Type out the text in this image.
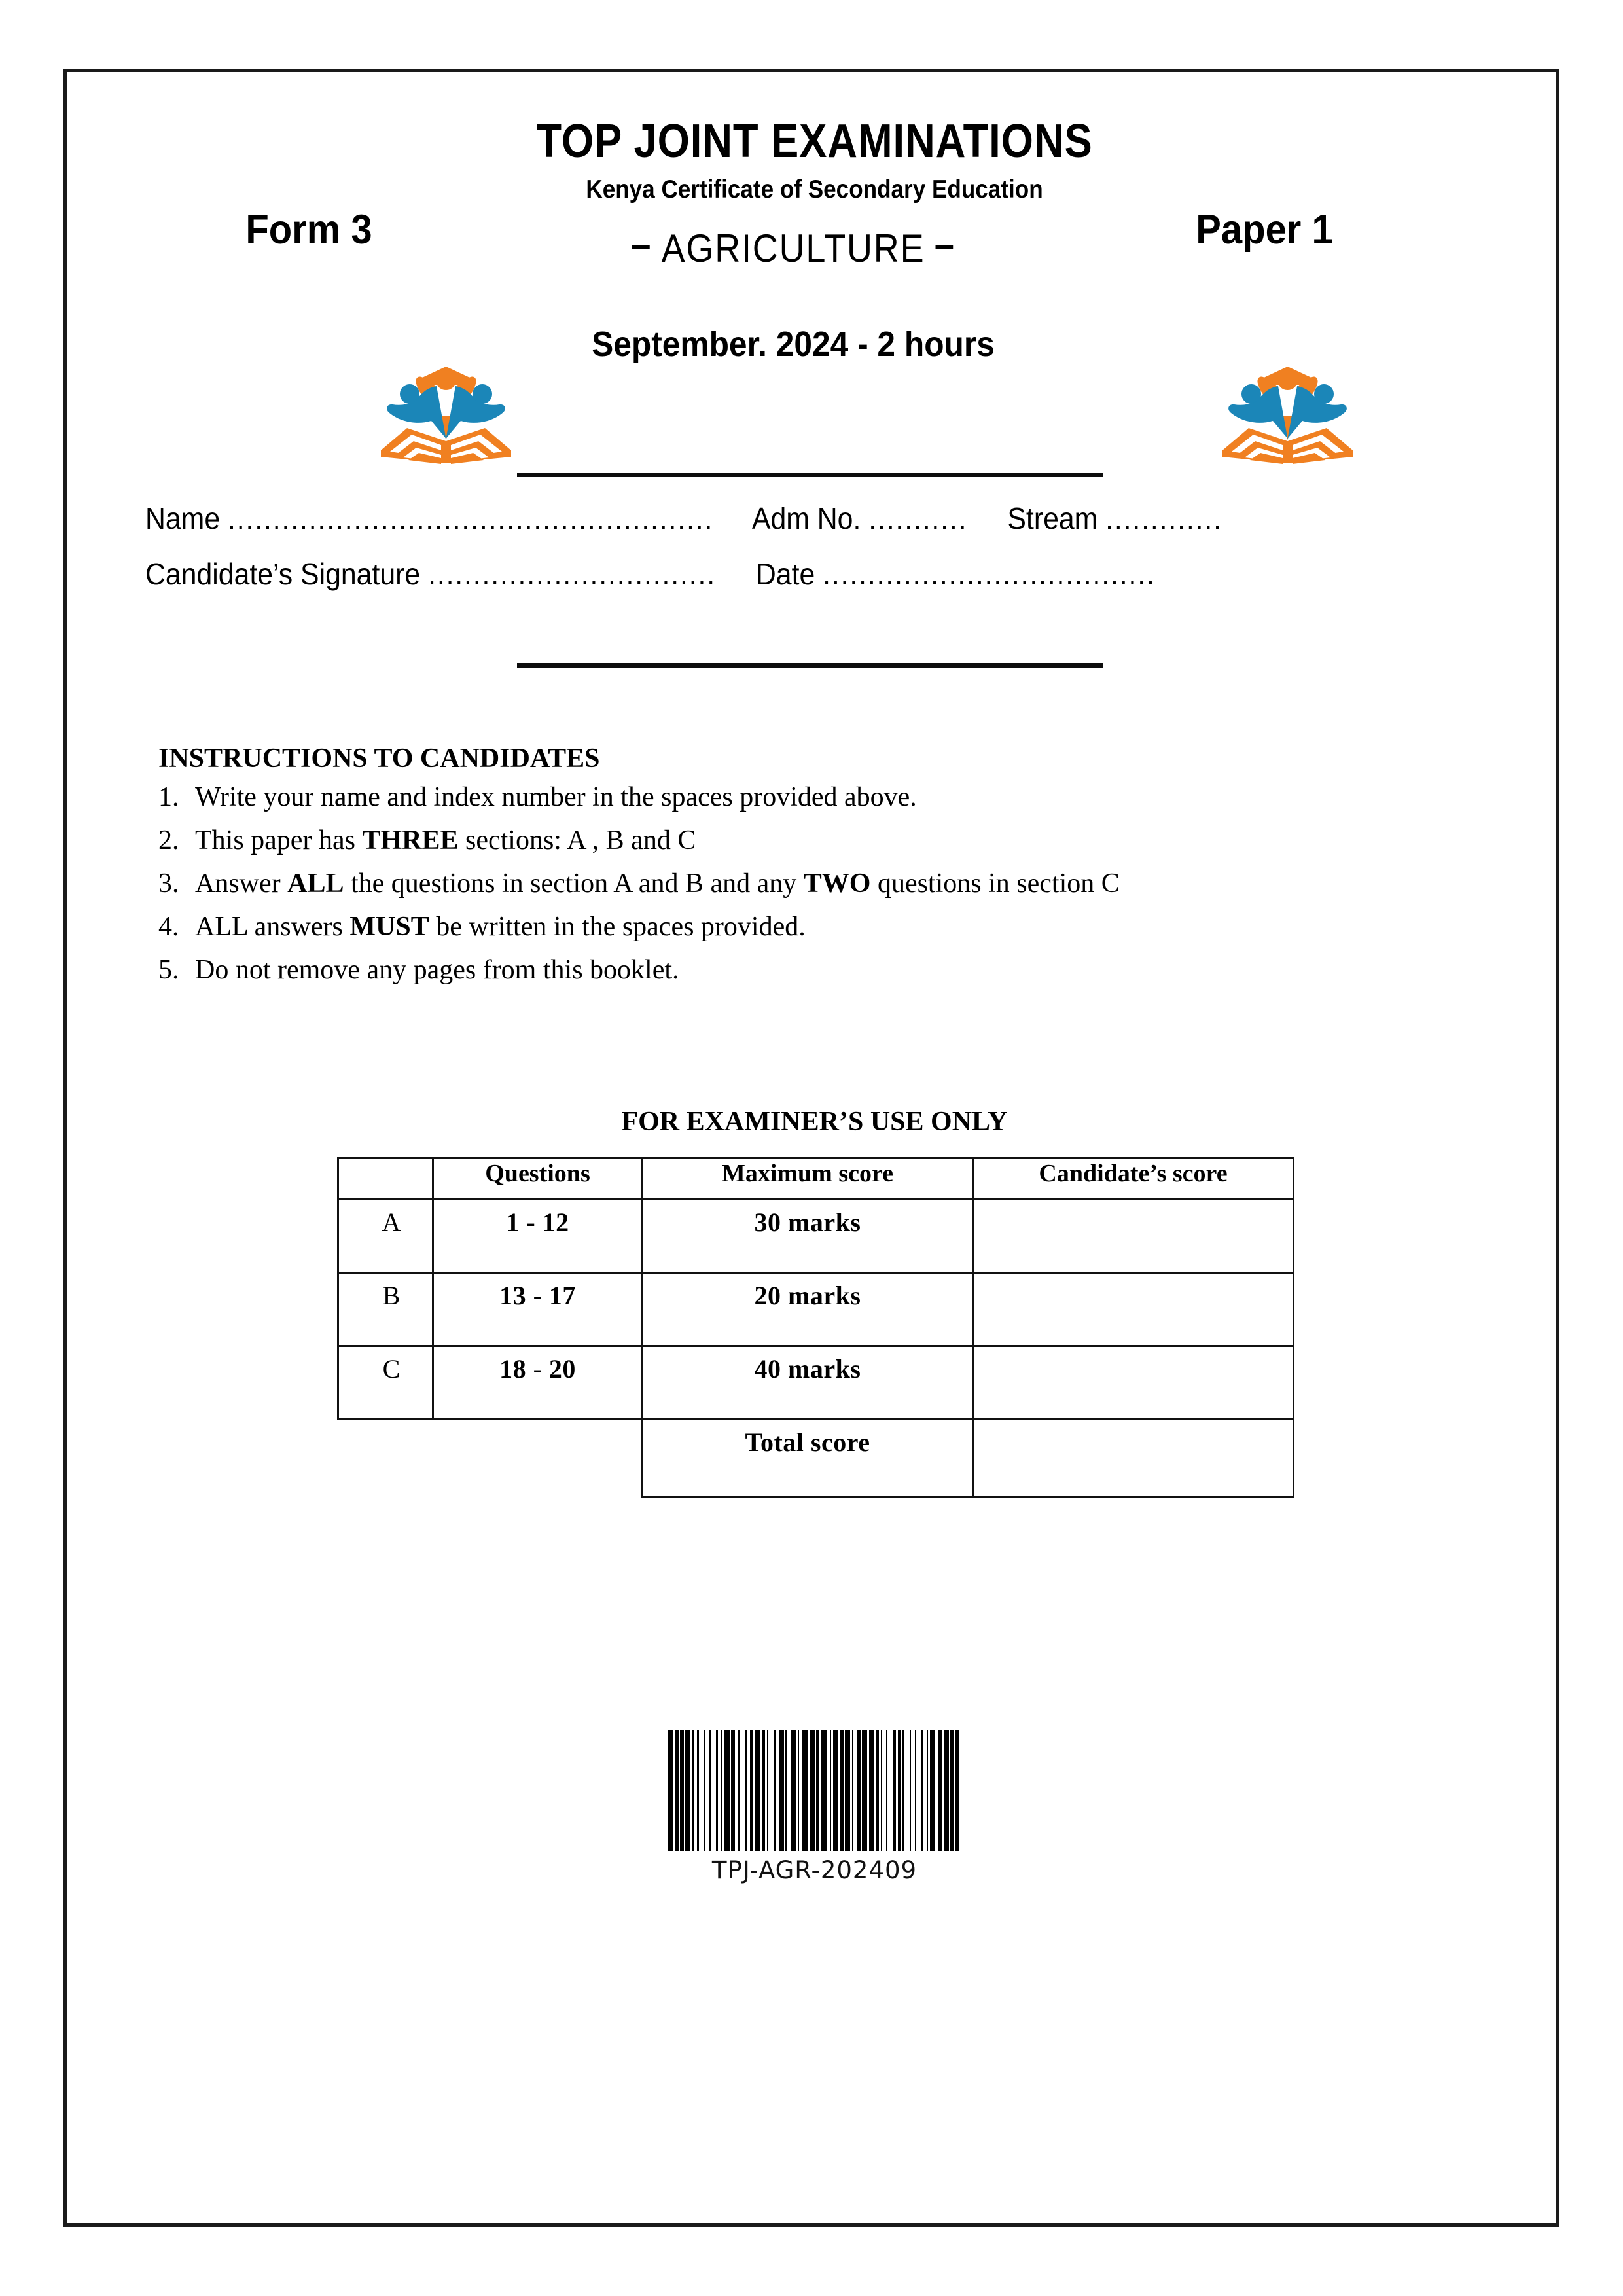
TOP JOINT EXAMINATIONS
Kenya Certificate of Secondary Education
Form 3	Paper 1
– AGRICULTURE –
September. 2024 - 2 hours
Name ...................................................... Adm No. ........... Stream .............
Candidate’s Signature ................................ Date .....................................
INSTRUCTIONS TO CANDIDATES
1. Write your name and index number in the spaces provided above.
2. This paper has THREE sections: A , B and C
3. Answer ALL the questions in section A and B and any TWO questions in section C
4. ALL answers MUST be written in the spaces provided.
5. Do not remove any pages from this booklet.
FOR EXAMINER’S USE ONLY
	Questions	Maximum score	Candidate’s score
A	1 - 12	30 marks	
B	13 - 17	20 marks	
C	18 - 20	40 marks	
		Total score	
TPJ-AGR-202409
